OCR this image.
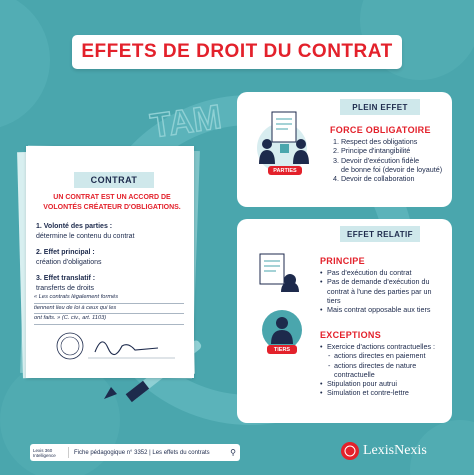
TAM
EFFETS DE DROIT DU CONTRAT
CONTRAT
UN CONTRAT EST UN ACCORD DE VOLONTÉS CRÉATEUR D'OBLIGATIONS.
1. Volonté des parties :
détermine le contenu du contrat
2. Effet principal :
création d'obligations
3. Effet translatif :
transferts de droits
« Les contrats légalement formés
tiennent lieu de loi à ceux qui les
ont faits. » (C. civ., art. 1103)
PLEIN EFFET
PARTIES
FORCE OBLIGATOIRE
1. Respect des obligations
2. Principe d'intangibilité
3. Devoir d'exécution fidèle
de bonne foi (devoir de loyauté)
4. Devoir de collaboration
EFFET RELATIF
TIERS
PRINCIPE
• Pas d'exécution du contrat
• Pas de demande d'exécution du contrat à l'une des parties par un tiers
• Mais contrat opposable aux tiers
EXCEPTIONS
• Exercice d'actions contractuelles :
- actions directes en paiement
- actions directes de nature contractuelle
• Stipulation pour autrui
• Simulation et contre-lettre
Lexis 360 Intelligence	Fiche pédagogique n° 3352 | Les effets du contrats	⚲	LexisNexis
